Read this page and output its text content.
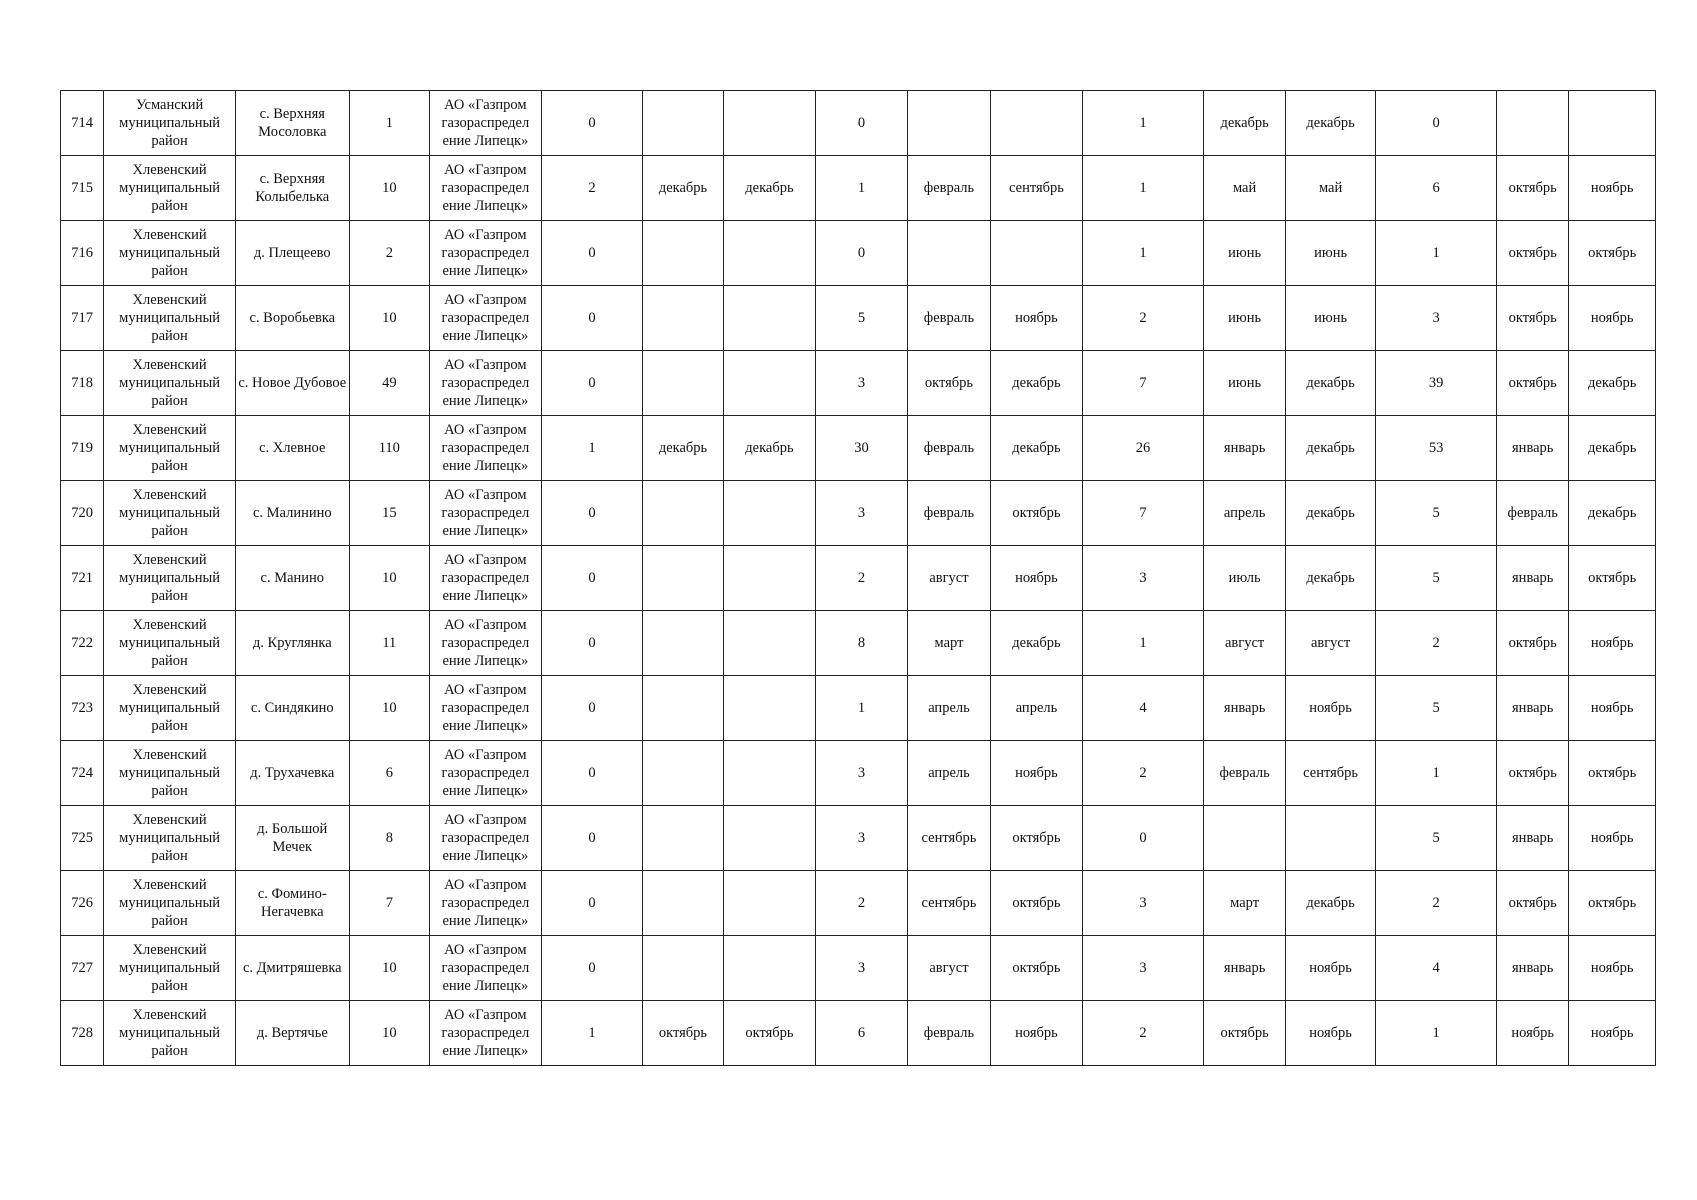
714	Усманский муниципальный район	с. Верхняя Мосоловка	1	АО «Газпром газораспредел ение Липецк»	0			0			1	декабрь	декабрь	0		
715	Хлевенский муниципальный район	с. Верхняя Колыбелька	10	АО «Газпром газораспредел ение Липецк»	2	декабрь	декабрь	1	февраль	сентябрь	1	май	май	6	октябрь	ноябрь
716	Хлевенский муниципальный район	д. Плещеево	2	АО «Газпром газораспредел ение Липецк»	0			0			1	июнь	июнь	1	октябрь	октябрь
717	Хлевенский муниципальный район	с. Воробьевка	10	АО «Газпром газораспредел ение Липецк»	0			5	февраль	ноябрь	2	июнь	июнь	3	октябрь	ноябрь
718	Хлевенский муниципальный район	с. Новое Дубовое	49	АО «Газпром газораспредел ение Липецк»	0			3	октябрь	декабрь	7	июнь	декабрь	39	октябрь	декабрь
719	Хлевенский муниципальный район	с. Хлевное	110	АО «Газпром газораспредел ение Липецк»	1	декабрь	декабрь	30	февраль	декабрь	26	январь	декабрь	53	январь	декабрь
720	Хлевенский муниципальный район	с. Малинино	15	АО «Газпром газораспредел ение Липецк»	0			3	февраль	октябрь	7	апрель	декабрь	5	февраль	декабрь
721	Хлевенский муниципальный район	с. Манино	10	АО «Газпром газораспредел ение Липецк»	0			2	август	ноябрь	3	июль	декабрь	5	январь	октябрь
722	Хлевенский муниципальный район	д. Круглянка	11	АО «Газпром газораспредел ение Липецк»	0			8	март	декабрь	1	август	август	2	октябрь	ноябрь
723	Хлевенский муниципальный район	с. Синдякино	10	АО «Газпром газораспредел ение Липецк»	0			1	апрель	апрель	4	январь	ноябрь	5	январь	ноябрь
724	Хлевенский муниципальный район	д. Трухачевка	6	АО «Газпром газораспредел ение Липецк»	0			3	апрель	ноябрь	2	февраль	сентябрь	1	октябрь	октябрь
725	Хлевенский муниципальный район	д. Большой Мечек	8	АО «Газпром газораспредел ение Липецк»	0			3	сентябрь	октябрь	0			5	январь	ноябрь
726	Хлевенский муниципальный район	с. Фомино-Негачевка	7	АО «Газпром газораспредел ение Липецк»	0			2	сентябрь	октябрь	3	март	декабрь	2	октябрь	октябрь
727	Хлевенский муниципальный район	с. Дмитряшевка	10	АО «Газпром газораспредел ение Липецк»	0			3	август	октябрь	3	январь	ноябрь	4	январь	ноябрь
728	Хлевенский муниципальный район	д. Вертячье	10	АО «Газпром газораспредел ение Липецк»	1	октябрь	октябрь	6	февраль	ноябрь	2	октябрь	ноябрь	1	ноябрь	ноябрь
